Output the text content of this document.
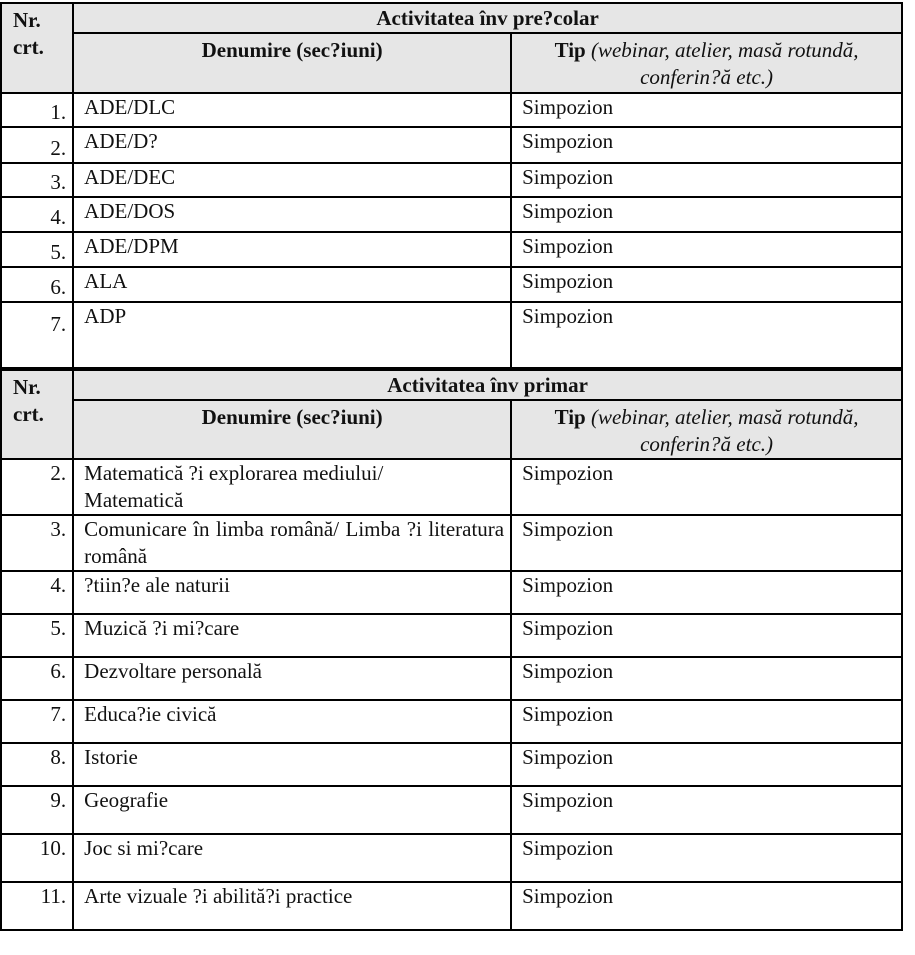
Nr.
crt.	Activitatea înv pre?colar	
	Denumire (sec?iuni)	Tip (webinar, atelier, masă rotundă, conferin?ă etc.)
1.	ADE/DLC	Simpozion
2.	ADE/D?	Simpozion
3.	ADE/DEC	Simpozion
4.	ADE/DOS	Simpozion
5.	ADE/DPM	Simpozion
6.	ALA	Simpozion
7.	ADP	Simpozion
Nr.
crt.	Activitatea înv primar	
	Denumire (sec?iuni)	Tip (webinar, atelier, masă rotundă, conferin?ă etc.)
2.	Matematică ?i explorarea mediului/ Matematică	Simpozion
3.	Comunicare în limba română/ Limba ?i literatura română	Simpozion
4.	?tiin?e ale naturii	Simpozion
5.	Muzică ?i mi?care	Simpozion
6.	Dezvoltare personală	Simpozion
7.	Educa?ie civică	Simpozion
8.	Istorie	Simpozion
9.	Geografie	Simpozion
10.	Joc si mi?care	Simpozion
11.	Arte vizuale ?i abilită?i practice	Simpozion
